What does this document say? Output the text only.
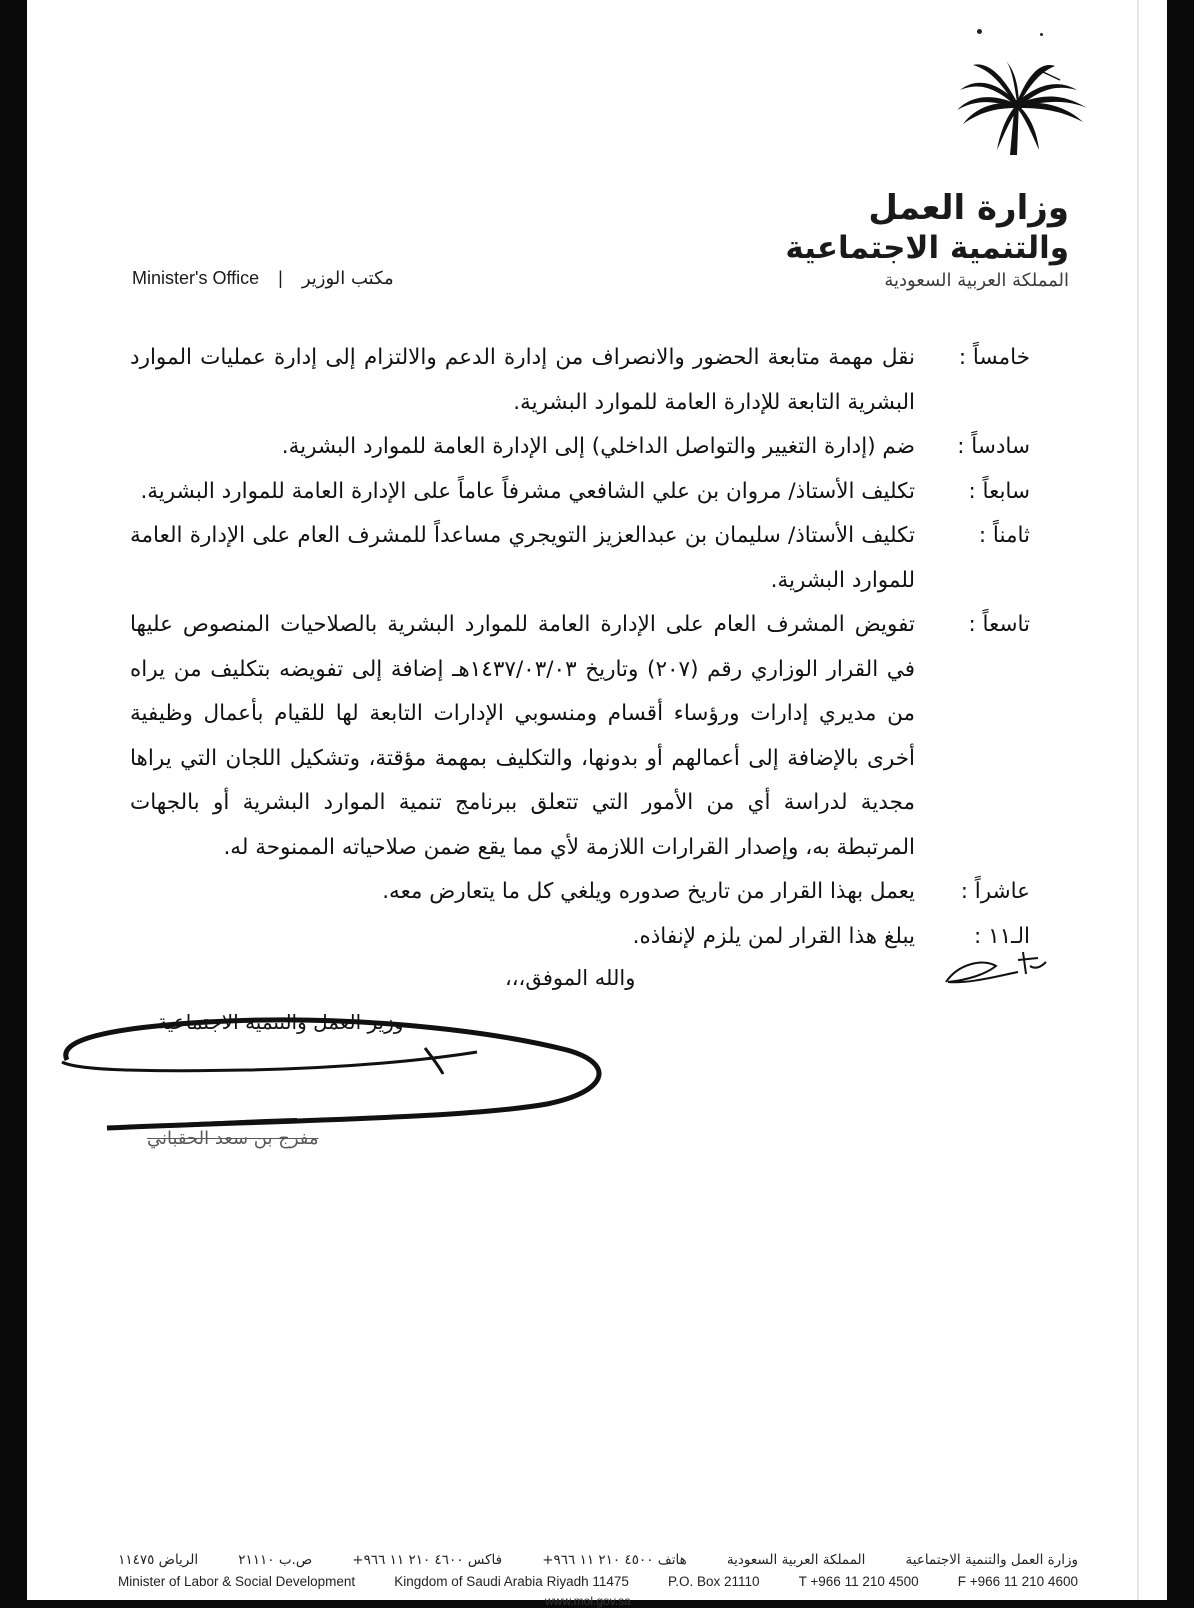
وزارة العمل
والتنمية الاجتماعية
المملكة العربية السعودية
Minister's Office | مكتب الوزير
خامساً :
نقل مهمة متابعة الحضور والانصراف من إدارة الدعم والالتزام إلى إدارة عمليات الموارد البشرية التابعة للإدارة العامة للموارد البشرية.
سادساً :
ضم (إدارة التغيير والتواصل الداخلي) إلى الإدارة العامة للموارد البشرية.
سابعاً :
تكليف الأستاذ/ مروان بن علي الشافعي مشرفاً عاماً على الإدارة العامة للموارد البشرية.
ثامناً :
تكليف الأستاذ/ سليمان بن عبدالعزيز التويجري مساعداً للمشرف العام على الإدارة العامة للموارد البشرية.
تاسعاً :
تفويض المشرف العام على الإدارة العامة للموارد البشرية بالصلاحيات المنصوص عليها في القرار الوزاري رقم (٢٠٧) وتاريخ ١٤٣٧/٠٣/٠٣هـ إضافة إلى تفويضه بتكليف من يراه من مديري إدارات ورؤساء أقسام ومنسوبي الإدارات التابعة لها للقيام بأعمال وظيفية أخرى بالإضافة إلى أعمالهم أو بدونها، والتكليف بمهمة مؤقتة، وتشكيل اللجان التي يراها مجدية لدراسة أي من الأمور التي تتعلق ببرنامج تنمية الموارد البشرية أو بالجهات المرتبطة به، وإصدار القرارات اللازمة لأي مما يقع ضمن صلاحياته الممنوحة له.
عاشراً :
يعمل بهذا القرار من تاريخ صدوره ويلغي كل ما يتعارض معه.
الـ١١ :
يبلغ هذا القرار لمن يلزم لإنفاذه.
والله الموفق،،،
وزير العمل والتنمية الاجتماعية
مفرج بن سعد الحقباني
وزارة العمل والتنمية الاجتماعية
المملكة العربية السعودية
هاتف ٤٥٠٠ ٢١٠ ١١ ٩٦٦+
فاكس ٤٦٠٠ ٢١٠ ١١ ٩٦٦+
ص.ب ٢١١١٠
الرياض ١١٤٧٥
Minister of Labor & Social Development	Kingdom of Saudi Arabia Riyadh 11475	P.O. Box 21110	T +966 11 210 4500	F +966 11 210 4600
www.mol.gov.sa
